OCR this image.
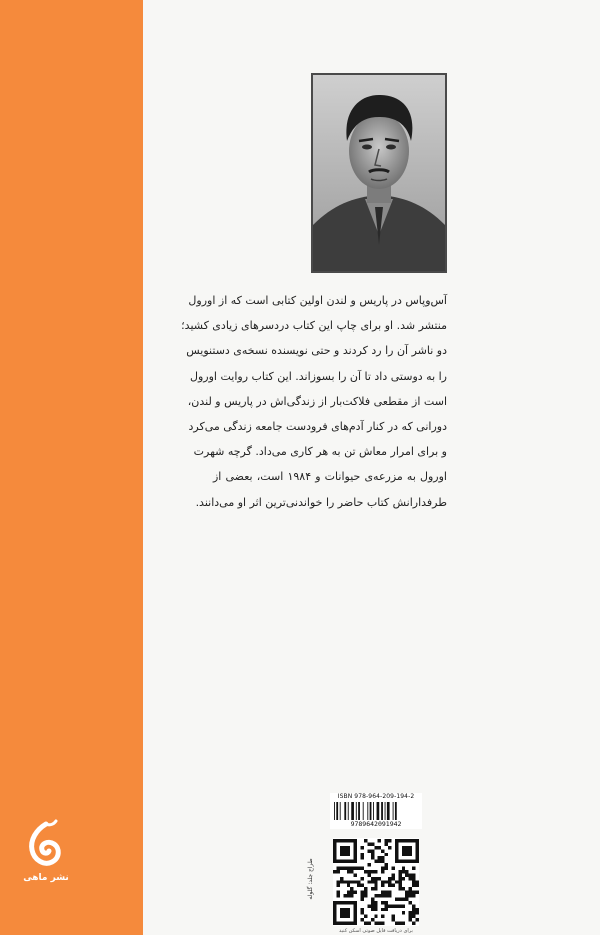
نشر ماهی
آس‌وپاس در پاریس و لندن اولین کتابی است که از اورول
منتشر شد. او برای چاپ این کتاب دردسرهای زیادی کشید؛
دو ناشر آن را رد کردند و حتی نویسنده نسخه‌ی دستنویس
را به دوستی داد تا آن را بسوزاند. این کتاب روایت اورول
است از مقطعی فلاکت‌بار از زندگی‌اش در پاریس و لندن،
دورانی که در کنار آدم‌های فرودست جامعه زندگی می‌کرد
و برای امرار معاش تن به هر کاری می‌داد. گرچه شهرت
اورول به مزرعه‌ی حیوانات و ۱۹۸۴ است، بعضی از
طرفدارانش کتاب حاضر را خواندنی‌ترین اثر او می‌دانند.
ISBN 978-964-209-194-2
9789642091942
طراح جلد: گلوله
برای دریافت فایل صوتی اسکن کنید
